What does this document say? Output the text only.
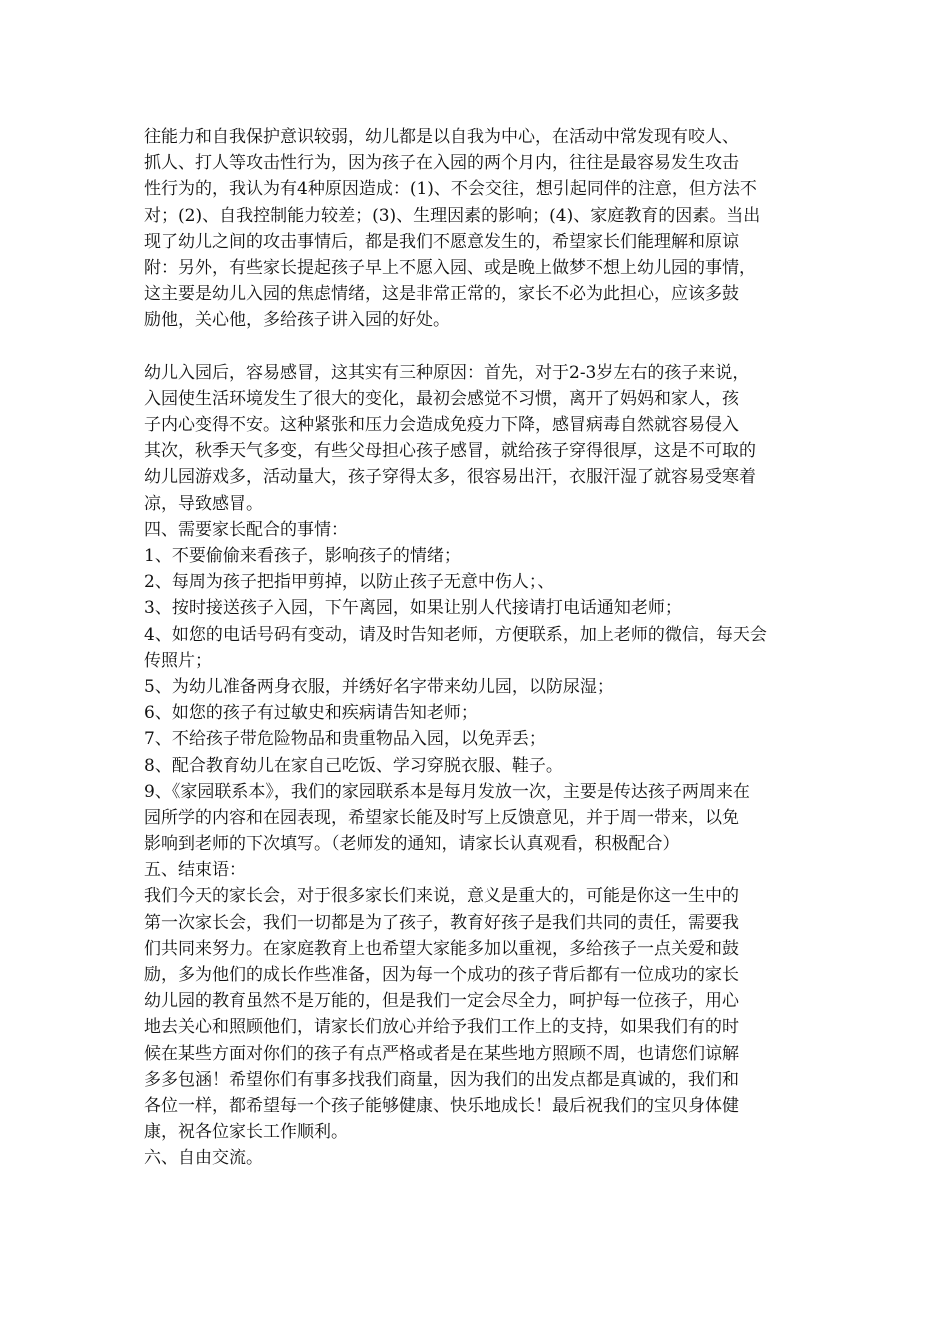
往能力和自我保护意识较弱，幼儿都是以自我为中心，在活动中常发现有咬人、
抓人、打人等攻击性行为，因为孩子在入园的两个月内，往往是最容易发生攻击
性行为的，我认为有4种原因造成：(1)、不会交往，想引起同伴的注意，但方法不
对；(2)、自我控制能力较差；(3)、生理因素的影响；(4)、家庭教育的因素。当出
现了幼儿之间的攻击事情后，都是我们不愿意发生的，希望家长们能理解和原谅
附：另外，有些家长提起孩子早上不愿入园、或是晚上做梦不想上幼儿园的事情，
这主要是幼儿入园的焦虑情绪，这是非常正常的，家长不必为此担心，应该多鼓
励他，关心他，多给孩子讲入园的好处。
幼儿入园后，容易感冒，这其实有三种原因：首先，对于2-3岁左右的孩子来说，
入园使生活环境发生了很大的变化，最初会感觉不习惯，离开了妈妈和家人，孩
子内心变得不安。这种紧张和压力会造成免疫力下降，感冒病毒自然就容易侵入
其次，秋季天气多变，有些父母担心孩子感冒，就给孩子穿得很厚，这是不可取的
幼儿园游戏多，活动量大，孩子穿得太多，很容易出汗，衣服汗湿了就容易受寒着
凉，导致感冒。
四、需要家长配合的事情：
1、不要偷偷来看孩子，影响孩子的情绪；
2、每周为孩子把指甲剪掉，以防止孩子无意中伤人；、
3、按时接送孩子入园，下午离园，如果让别人代接请打电话通知老师；
4、如您的电话号码有变动，请及时告知老师，方便联系，加上老师的微信，每天会
传照片；
5、为幼儿准备两身衣服，并绣好名字带来幼儿园，以防尿湿；
6、如您的孩子有过敏史和疾病请告知老师；
7、不给孩子带危险物品和贵重物品入园，以免弄丢；
8、配合教育幼儿在家自己吃饭、学习穿脱衣服、鞋子。
9、《家园联系本》，我们的家园联系本是每月发放一次，主要是传达孩子两周来在
园所学的内容和在园表现，希望家长能及时写上反馈意见，并于周一带来，以免
影响到老师的下次填写。（老师发的通知，请家长认真观看，积极配合）
五、结束语：
我们今天的家长会，对于很多家长们来说，意义是重大的，可能是你这一生中的
第一次家长会，我们一切都是为了孩子，教育好孩子是我们共同的责任，需要我
们共同来努力。在家庭教育上也希望大家能多加以重视，多给孩子一点关爱和鼓
励，多为他们的成长作些准备，因为每一个成功的孩子背后都有一位成功的家长
幼儿园的教育虽然不是万能的，但是我们一定会尽全力，呵护每一位孩子，用心
地去关心和照顾他们，请家长们放心并给予我们工作上的支持，如果我们有的时
候在某些方面对你们的孩子有点严格或者是在某些地方照顾不周，也请您们谅解
多多包涵！希望你们有事多找我们商量，因为我们的出发点都是真诚的，我们和
各位一样，都希望每一个孩子能够健康、快乐地成长！最后祝我们的宝贝身体健
康，祝各位家长工作顺利。
六、自由交流。
